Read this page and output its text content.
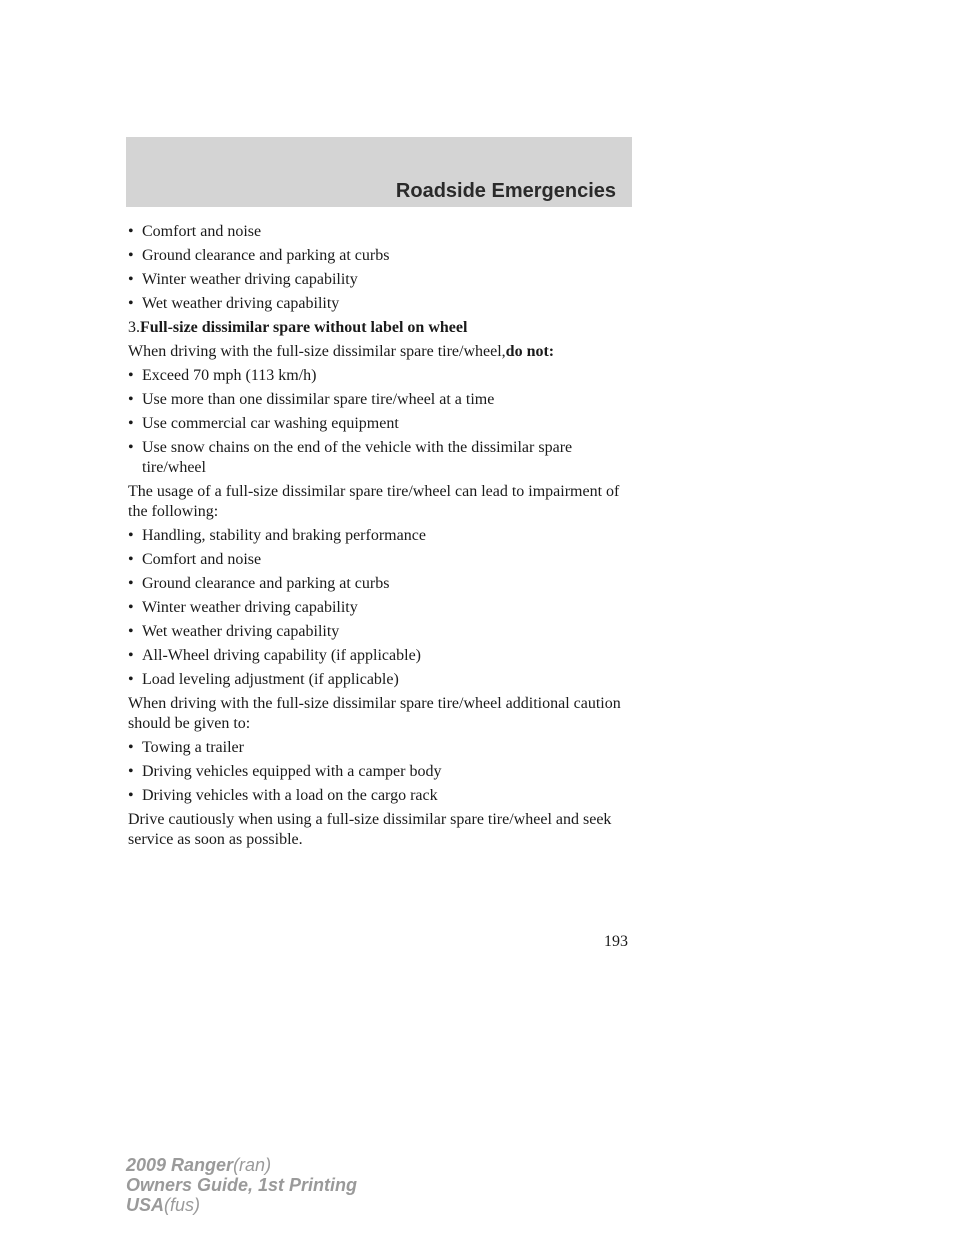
Roadside Emergencies
• Comfort and noise
• Ground clearance and parking at curbs
• Winter weather driving capability
• Wet weather driving capability
3.Full-size dissimilar spare without label on wheel
When driving with the full-size dissimilar spare tire/wheel,do not:
• Exceed 70 mph (113 km/h)
• Use more than one dissimilar spare tire/wheel at a time
• Use commercial car washing equipment
• Use snow chains on the end of the vehicle with the dissimilar spare tire/wheel
The usage of a full-size dissimilar spare tire/wheel can lead to impairment of the following:
• Handling, stability and braking performance
• Comfort and noise
• Ground clearance and parking at curbs
• Winter weather driving capability
• Wet weather driving capability
• All-Wheel driving capability (if applicable)
• Load leveling adjustment (if applicable)
When driving with the full-size dissimilar spare tire/wheel additional caution should be given to:
• Towing a trailer
• Driving vehicles equipped with a camper body
• Driving vehicles with a load on the cargo rack
Drive cautiously when using a full-size dissimilar spare tire/wheel and seek service as soon as possible.
193
2009 Ranger(ran)
Owners Guide, 1st Printing
USA(fus)
